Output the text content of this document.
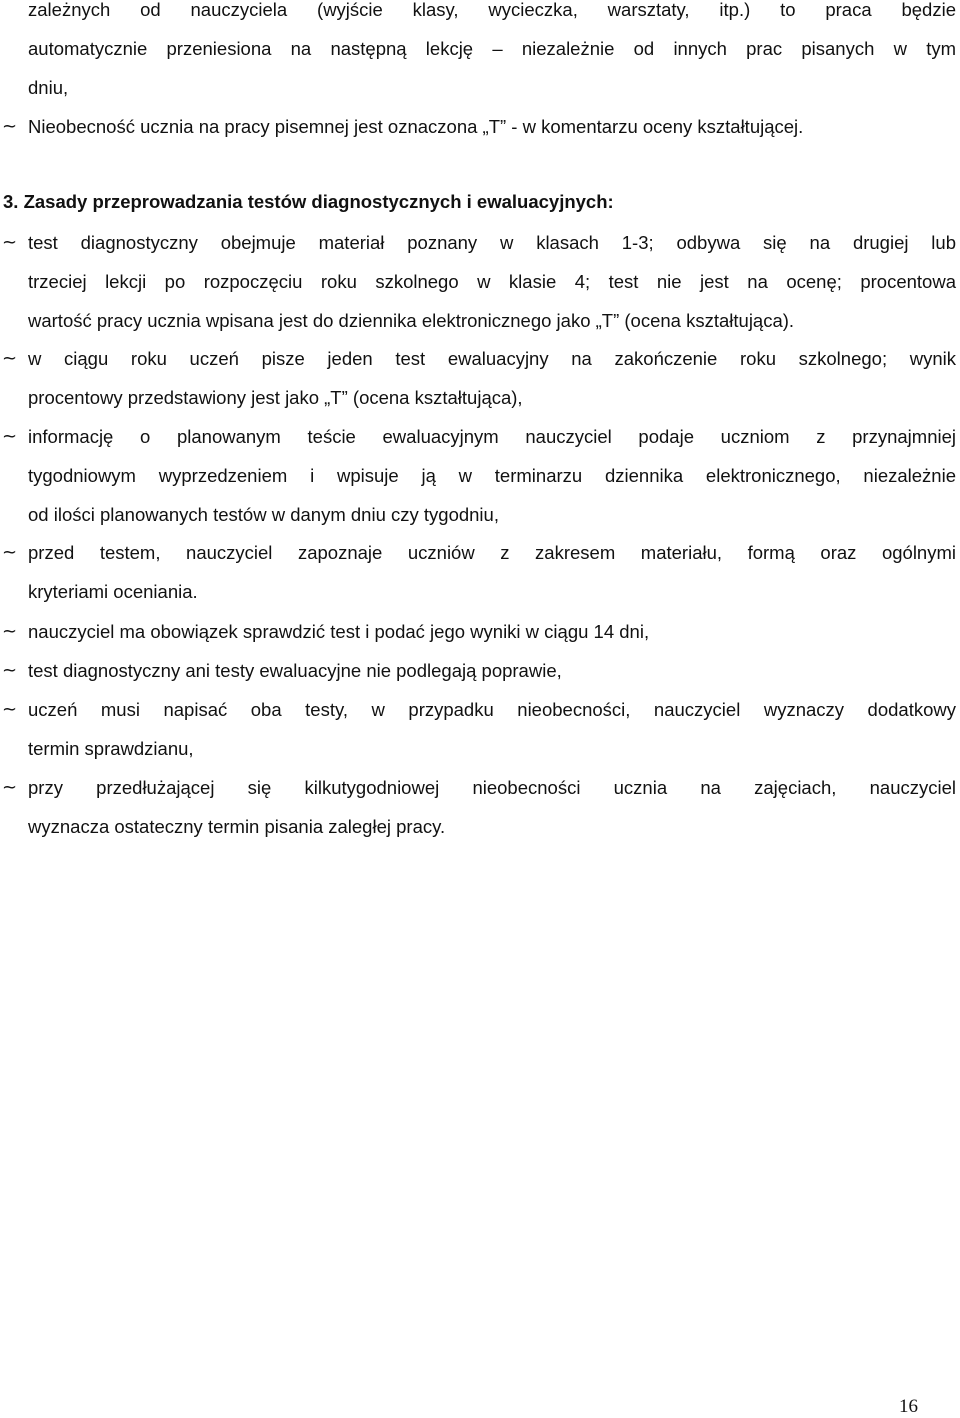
zależnych od nauczyciela (wyjście klasy, wycieczka, warsztaty, itp.) to praca będzie
automatycznie przeniesiona na następną lekcję – niezależnie od innych prac pisanych w tym
dniu,
~ Nieobecność ucznia na pracy pisemnej jest oznaczona „T” - w komentarzu oceny kształtującej.
3. Zasady przeprowadzania testów diagnostycznych i ewaluacyjnych:
~ test diagnostyczny obejmuje materiał poznany w klasach 1-3; odbywa się na drugiej lub
trzeciej lekcji po rozpoczęciu roku szkolnego w klasie 4; test nie jest na ocenę; procentowa
wartość pracy ucznia wpisana jest do dziennika elektronicznego jako „T” (ocena kształtująca).
~ w ciągu roku uczeń pisze jeden test ewaluacyjny na zakończenie roku szkolnego; wynik
procentowy przedstawiony jest jako „T” (ocena kształtująca),
~ informację o planowanym teście ewaluacyjnym nauczyciel podaje uczniom z przynajmniej
tygodniowym wyprzedzeniem i wpisuje ją w terminarzu dziennika elektronicznego, niezależnie
od ilości planowanych testów w danym dniu czy tygodniu,
~ przed testem, nauczyciel zapoznaje uczniów z zakresem materiału, formą oraz ogólnymi
kryteriami oceniania.
~ nauczyciel ma obowiązek sprawdzić test i podać jego wyniki w ciągu 14 dni,
~ test diagnostyczny ani testy ewaluacyjne nie podlegają poprawie,
~ uczeń musi napisać oba testy, w przypadku nieobecności, nauczyciel wyznaczy dodatkowy
termin sprawdzianu,
~ przy przedłużającej się kilkutygodniowej nieobecności ucznia na zajęciach, nauczyciel
wyznacza ostateczny termin pisania zaległej pracy.
16
